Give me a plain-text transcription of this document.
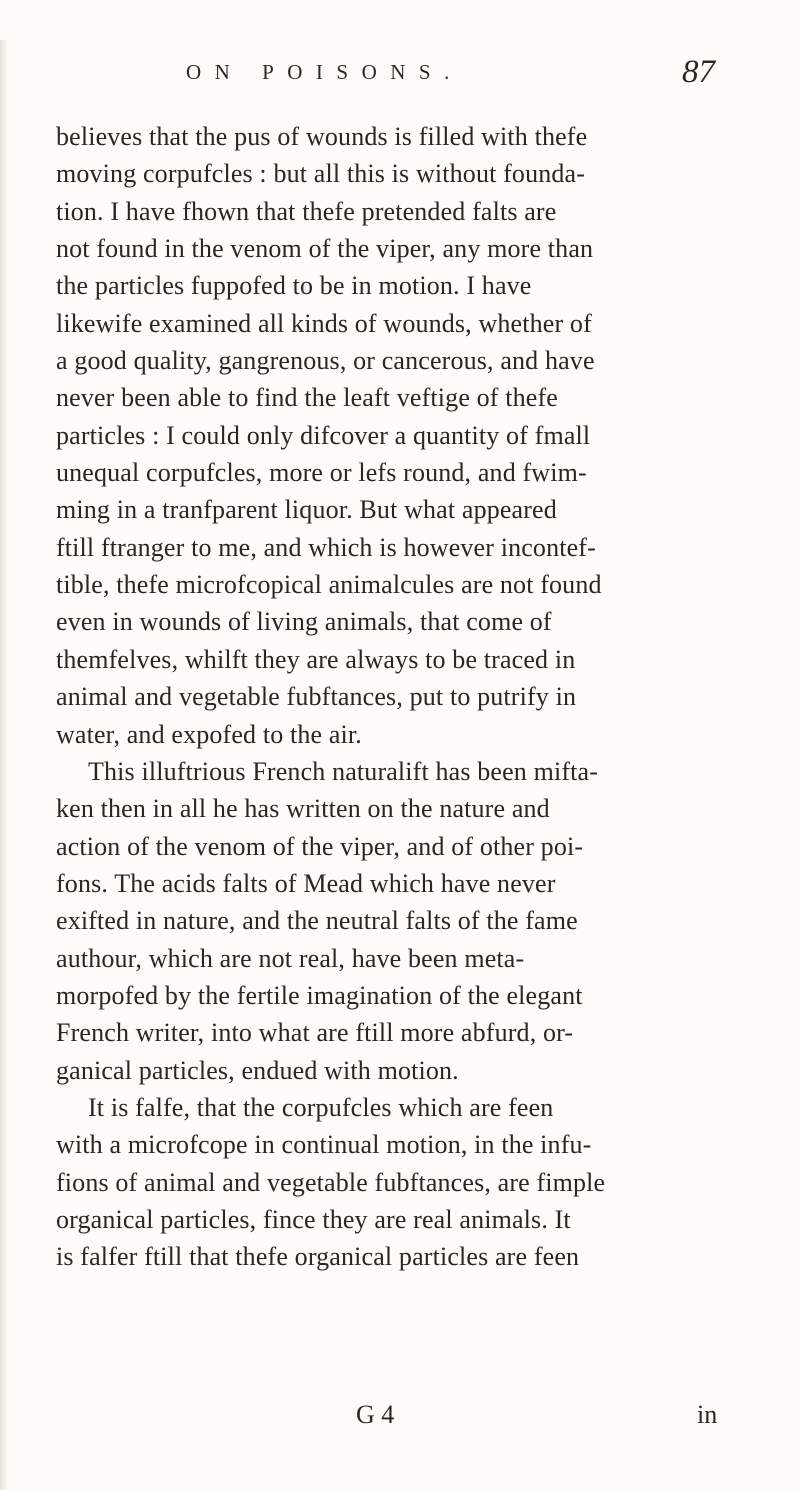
ON POISONS.	87
believes that the pus of wounds is filled with thefe
moving corpufcles : but all this is without founda-
tion. I have fhown that thefe pretended falts are
not found in the venom of the viper, any more than
the particles fuppofed to be in motion. I have
likewife examined all kinds of wounds, whether of
a good quality, gangrenous, or cancerous, and have
never been able to find the leaft veftige of thefe
particles : I could only difcover a quantity of fmall
unequal corpufcles, more or lefs round, and fwim-
ming in a tranfparent liquor. But what appeared
ftill ftranger to me, and which is however incontef-
tible, thefe microfcopical animalcules are not found
even in wounds of living animals, that come of
themfelves, whilft they are always to be traced in
animal and vegetable fubftances, put to putrify in
water, and expofed to the air.
This illuftrious French naturalift has been mifta-
ken then in all he has written on the nature and
action of the venom of the viper, and of other poi-
fons. The acids falts of Mead which have never
exifted in nature, and the neutral falts of the fame
authour, which are not real, have been meta-
morpofed by the fertile imagination of the elegant
French writer, into what are ftill more abfurd, or-
ganical particles, endued with motion.
It is falfe, that the corpufcles which are feen
with a microfcope in continual motion, in the infu-
fions of animal and vegetable fubftances, are fimple
organical particles, fince they are real animals. It
is falfer ftill that thefe organical particles are feen
G 4	in
